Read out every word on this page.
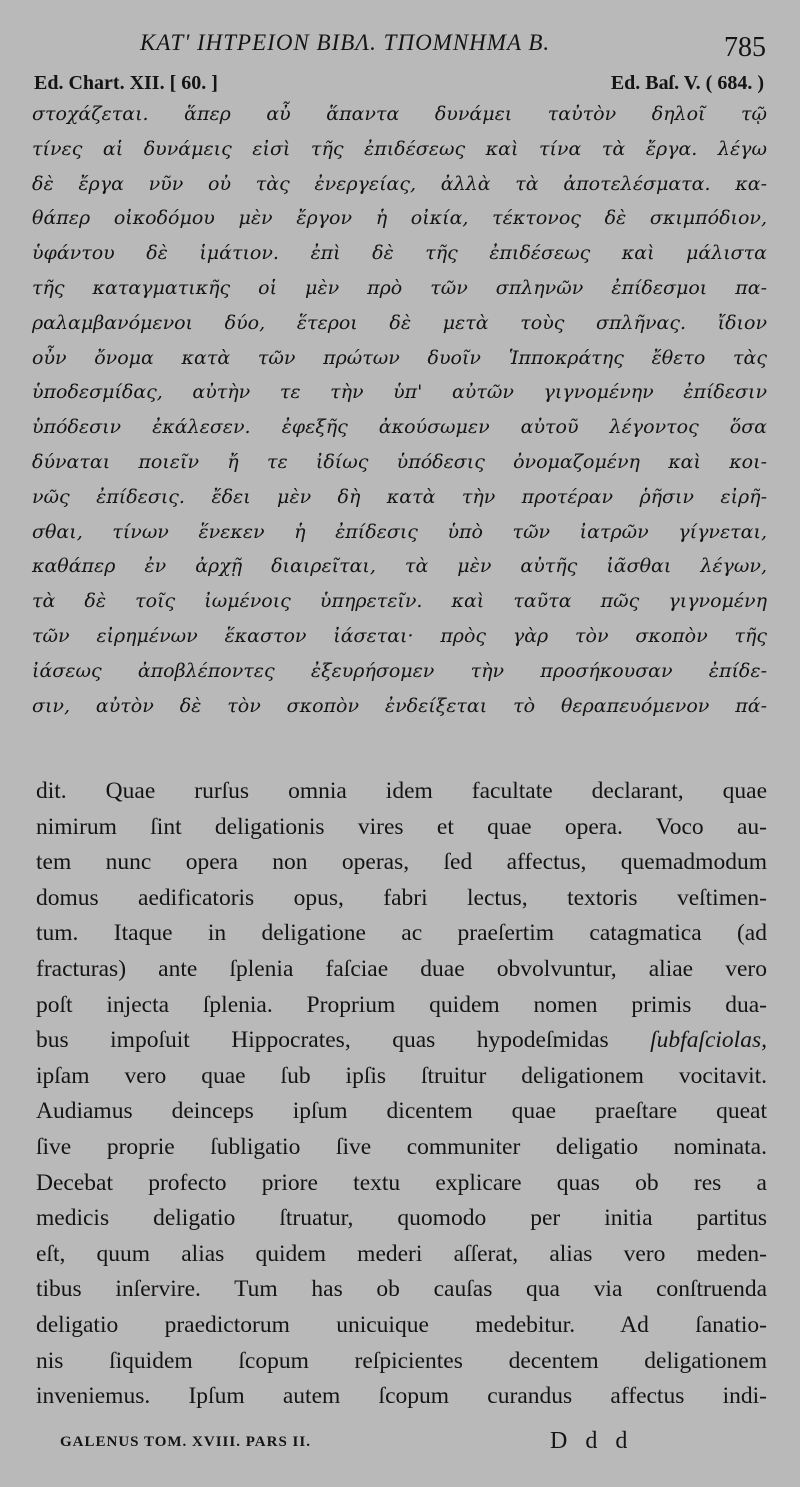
ΚΑΤ' ΙΗΤΡΕΙΟΝ ΒΙΒΛ. ΤΠΟΜΝΗΜΑ Β.	785
Ed. Chart. XII. [ 60. ]	Ed. Baſ. V. ( 684. )
στοχάζεται. ἅπερ αὖ ἅπαντα δυνάμει ταὐτὸν δηλοῖ τῷ
τίνες αἱ δυνάμεις εἰσὶ τῆς ἐπιδέσεως καὶ τίνα τὰ ἔργα. λέγω
δὲ ἔργα νῦν οὐ τὰς ἐνεργείας, ἀλλὰ τὰ ἀποτελέσματα. κα-
θάπερ οἰκοδόμου μὲν ἔργον ἡ οἰκία, τέκτονος δὲ σκιμπόδιον,
ὑφάντου δὲ ἱμάτιον. ἐπὶ δὲ τῆς ἐπιδέσεως καὶ μάλιστα
τῆς καταγματικῆς οἱ μὲν πρὸ τῶν σπληνῶν ἐπίδεσμοι πα-
ραλαμβανόμενοι δύο, ἕτεροι δὲ μετὰ τοὺς σπλῆνας. ἴδιον
οὖν ὄνομα κατὰ τῶν πρώτων δυοῖν Ἱπποκράτης ἔθετο τὰς
ὑποδεσμίδας, αὐτὴν τε τὴν ὑπ' αὐτῶν γιγνομένην ἐπίδεσιν
ὑπόδεσιν ἐκάλεσεν. ἐφεξῆς ἀκούσωμεν αὐτοῦ λέγοντος ὅσα
δύναται ποιεῖν ἤ τε ἰδίως ὑπόδεσις ὀνομαζομένη καὶ κοι-
νῶς ἐπίδεσις. ἔδει μὲν δὴ κατὰ τὴν προτέραν ῥῆσιν εἰρῆ-
σθαι, τίνων ἕνεκεν ἡ ἐπίδεσις ὑπὸ τῶν ἰατρῶν γίγνεται,
καθάπερ ἐν ἀρχῇ διαιρεῖται, τὰ μὲν αὐτῆς ἰᾶσθαι λέγων,
τὰ δὲ τοῖς ἰωμένοις ὑπηρετεῖν. καὶ ταῦτα πῶς γιγνομένη
τῶν εἰρημένων ἕκαστον ἰάσεται· πρὸς γὰρ τὸν σκοπὸν τῆς
ἰάσεως ἀποβλέποντες ἐξευρήσομεν τὴν προσήκουσαν ἐπίδε-
σιν, αὐτὸν δὲ τὸν σκοπὸν ἐνδείξεται τὸ θεραπευόμενον πά-
dit. Quae rurſus omnia idem facultate declarant, quae
nimirum ſint deligationis vires et quae opera. Voco au-
tem nunc opera non operas, ſed affectus, quemadmodum
domus aedificatoris opus, fabri lectus, textoris veſtimen-
tum. Itaque in deligatione ac praeſertim catagmatica (ad
fracturas) ante ſplenia faſciae duae obvolvuntur, aliae vero
poſt injecta ſplenia. Proprium quidem nomen primis dua-
bus impoſuit Hippocrates, quas hypodeſmidas ſubfaſciolas,
ipſam vero quae ſub ipſis ſtruitur deligationem vocitavit.
Audiamus deinceps ipſum dicentem quae praeſtare queat
ſive proprie ſubligatio ſive communiter deligatio nominata.
Decebat profecto priore textu explicare quas ob res a
medicis deligatio ſtruatur, quomodo per initia partitus
eſt, quum alias quidem mederi aſſerat, alias vero meden-
tibus inſervire. Tum has ob cauſas qua via conſtruenda
deligatio praedictorum unicuique medebitur. Ad ſanatio-
nis ſiquidem ſcopum reſpicientes decentem deligationem
inveniemus. Ipſum autem ſcopum curandus affectus indi-
GALENUS TOM. XVIII. PARS II.	D d d
